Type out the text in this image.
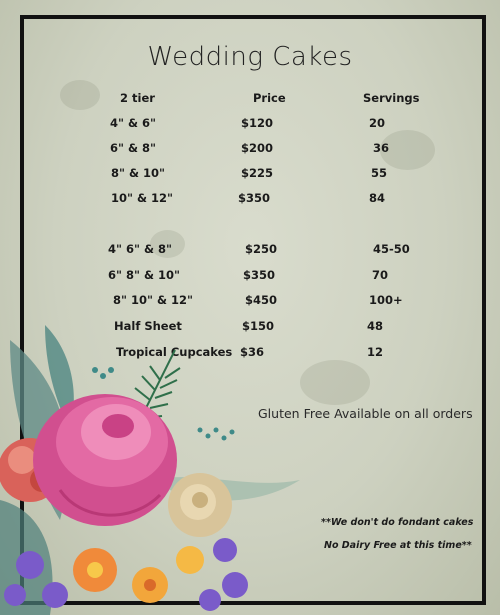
Wedding Cakes
2 tier	Price	Servings
4" & 6"	$120	20
6" & 8"	$200	36
8" & 10"	$225	55
10" & 12"	$350	84
4" 6" & 8"	$250	45-50
6" 8" & 10"	$350	70
8" 10" & 12"	$450	100+
Half Sheet	$150	48
Tropical Cupcakes $36	12
Gluten Free Available on all orders
**We don't do fondant cakes
No Dairy Free at this time**
